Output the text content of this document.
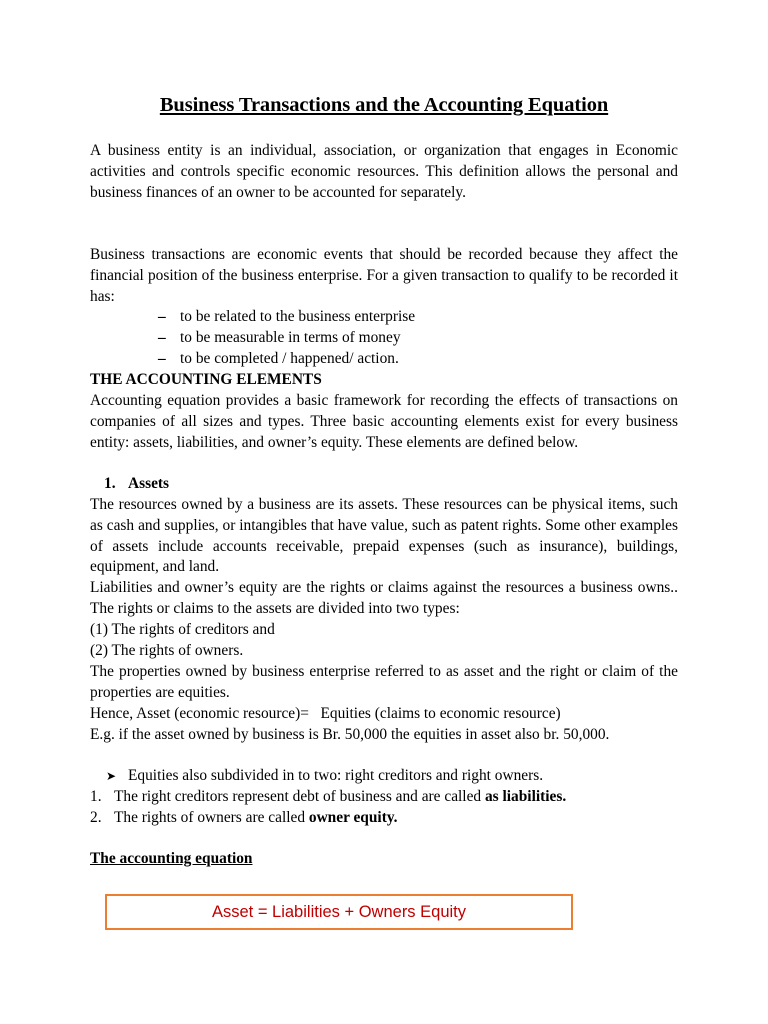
Business Transactions and the Accounting Equation

A business entity is an individual, association, or organization that engages in Economic activities and controls specific economic resources. This definition allows the personal and business finances of an owner to be accounted for separately.

Business transactions are economic events that should be recorded because they affect the financial position of the business enterprise. For a given transaction to qualify to be recorded it has:

– to be related to the business enterprise
– to be measurable in terms of money
– to be completed / happened/ action.
THE ACCOUNTING ELEMENTS

Accounting equation provides a basic framework for recording the effects of transactions on companies of all sizes and types. Three basic accounting elements exist for every business entity: assets, liabilities, and owner’s equity. These elements are defined below.

1. Assets

The resources owned by a business are its assets. These resources can be physical items, such as cash and supplies, or intangibles that have value, such as patent rights. Some other examples of assets include accounts receivable, prepaid expenses (such as insurance), buildings, equipment, and land.

Liabilities and owner’s equity are the rights or claims against the resources a business owns.. The rights or claims to the assets are divided into two types:

(1) The rights of creditors and
(2) The rights of owners.

The properties owned by business enterprise referred to as asset and the right or claim of the properties are equities.

Hence, Asset (economic resource)=   Equities (claims to economic resource)

E.g. if the asset owned by business is Br. 50,000 the equities in asset also br. 50,000.

➤ Equities also subdivided in to two: right creditors and right owners.
1. The right creditors represent debt of business and are called as liabilities.
2. The rights of owners are called owner equity.
The accounting equation
Asset = Liabilities + Owners Equity
